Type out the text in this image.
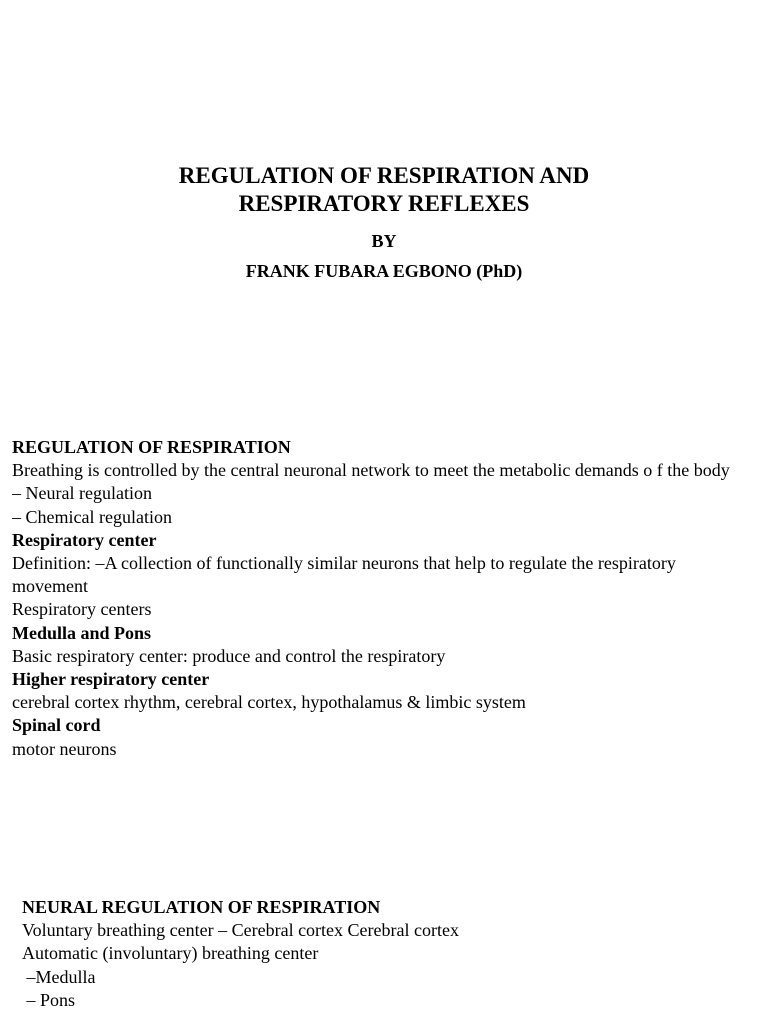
REGULATION OF RESPIRATION AND
RESPIRATORY REFLEXES
BY
FRANK FUBARA EGBONO (PhD)
REGULATION OF RESPIRATION
Breathing is controlled by the central neuronal network to meet the metabolic demands o f the body
– Neural regulation
– Chemical regulation
Respiratory center
Definition: –A collection of functionally similar neurons that help to regulate the respiratory movement
Respiratory centers
Medulla and Pons
Basic respiratory center: produce and control the respiratory
Higher respiratory center
cerebral cortex rhythm, cerebral cortex, hypothalamus & limbic system
Spinal cord
motor neurons
NEURAL REGULATION OF RESPIRATION
Voluntary breathing center – Cerebral cortex Cerebral cortex
Automatic (involuntary) breathing center
–Medulla
– Pons
